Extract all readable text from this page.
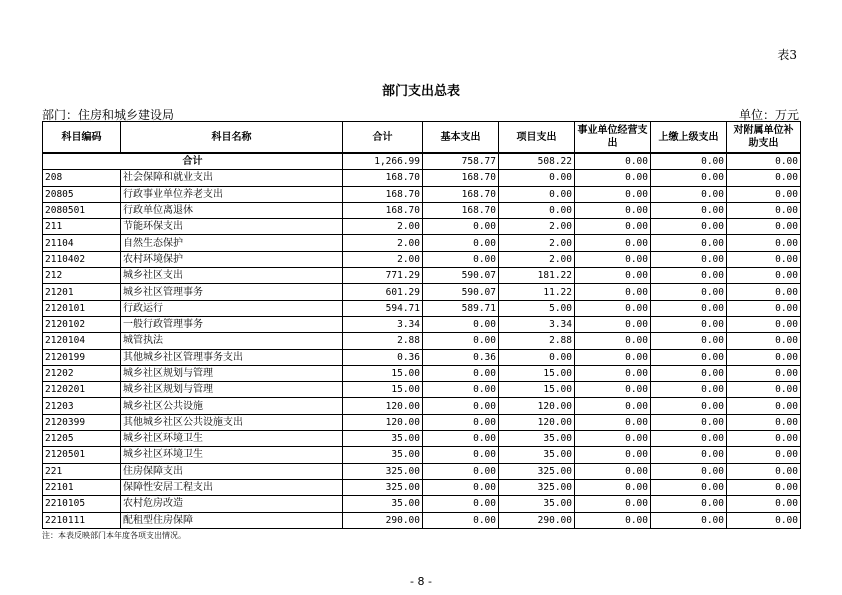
表3
部门支出总表
部门：住房和城乡建设局	单位：万元
科目编码	科目名称	合计	基本支出	项目支出	事业单位经营支出	上缴上级支出	对附属单位补助支出
合计		1,266.99	758.77	508.22	0.00	0.00	0.00
208	社会保障和就业支出	168.70	168.70	0.00	0.00	0.00	0.00
20805	行政事业单位养老支出	168.70	168.70	0.00	0.00	0.00	0.00
2080501	行政单位离退休	168.70	168.70	0.00	0.00	0.00	0.00
211	节能环保支出	2.00	0.00	2.00	0.00	0.00	0.00
21104	自然生态保护	2.00	0.00	2.00	0.00	0.00	0.00
2110402	农村环境保护	2.00	0.00	2.00	0.00	0.00	0.00
212	城乡社区支出	771.29	590.07	181.22	0.00	0.00	0.00
21201	城乡社区管理事务	601.29	590.07	11.22	0.00	0.00	0.00
2120101	行政运行	594.71	589.71	5.00	0.00	0.00	0.00
2120102	一般行政管理事务	3.34	0.00	3.34	0.00	0.00	0.00
2120104	城管执法	2.88	0.00	2.88	0.00	0.00	0.00
2120199	其他城乡社区管理事务支出	0.36	0.36	0.00	0.00	0.00	0.00
21202	城乡社区规划与管理	15.00	0.00	15.00	0.00	0.00	0.00
2120201	城乡社区规划与管理	15.00	0.00	15.00	0.00	0.00	0.00
21203	城乡社区公共设施	120.00	0.00	120.00	0.00	0.00	0.00
2120399	其他城乡社区公共设施支出	120.00	0.00	120.00	0.00	0.00	0.00
21205	城乡社区环境卫生	35.00	0.00	35.00	0.00	0.00	0.00
2120501	城乡社区环境卫生	35.00	0.00	35.00	0.00	0.00	0.00
221	住房保障支出	325.00	0.00	325.00	0.00	0.00	0.00
22101	保障性安居工程支出	325.00	0.00	325.00	0.00	0.00	0.00
2210105	农村危房改造	35.00	0.00	35.00	0.00	0.00	0.00
2210111	配租型住房保障	290.00	0.00	290.00	0.00	0.00	0.00
注：本表反映部门本年度各项支出情况。
- 8 -
